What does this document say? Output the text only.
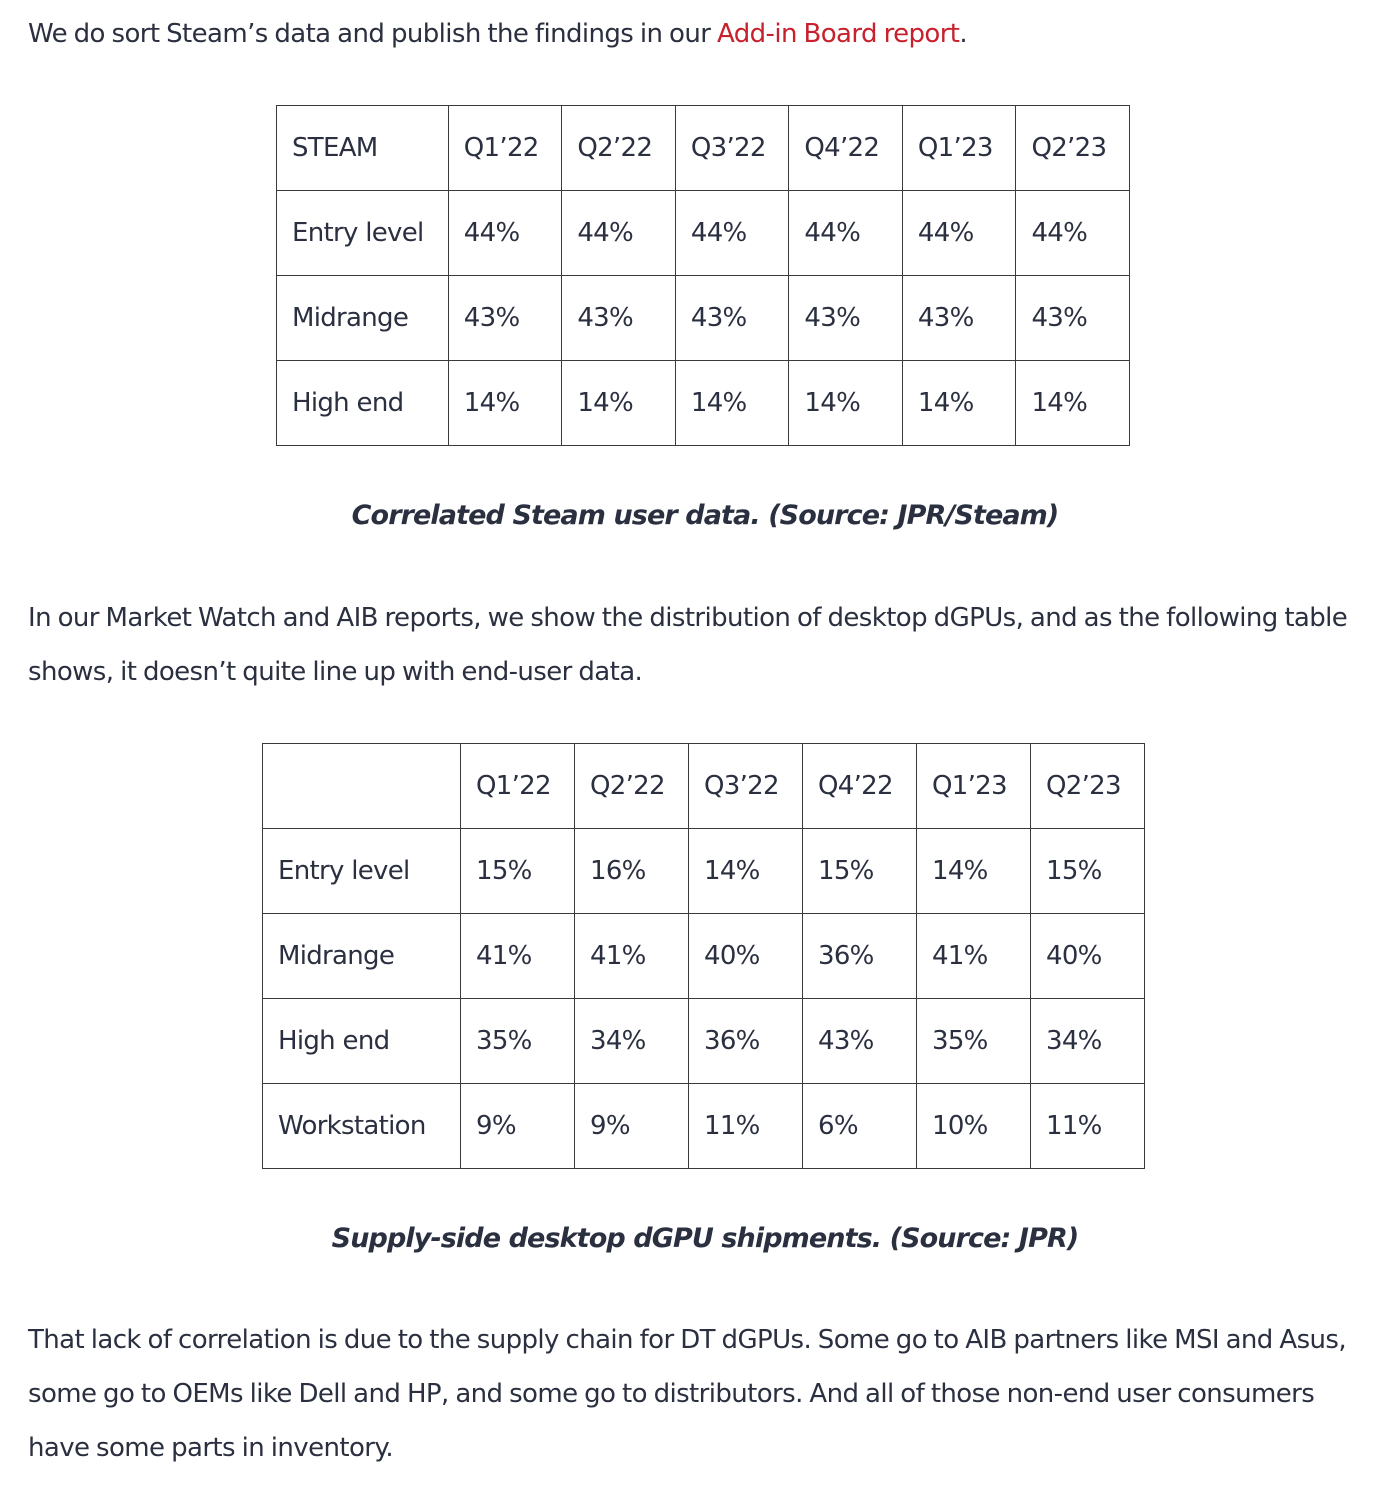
We do sort Steam’s data and publish the findings in our Add-in Board report.

STEAM	Q1’22	Q2’22	Q3’22	Q4’22	Q1’23	Q2’23
Entry level	44%	44%	44%	44%	44%	44%
Midrange	43%	43%	43%	43%	43%	43%
High end	14%	14%	14%	14%	14%	14%

Correlated Steam user data. (Source: JPR/Steam)

In our Market Watch and AIB reports, we show the distribution of desktop dGPUs, and as the following table shows, it doesn’t quite line up with end-user data.

	Q1’22	Q2’22	Q3’22	Q4’22	Q1’23	Q2’23
Entry level	15%	16%	14%	15%	14%	15%
Midrange	41%	41%	40%	36%	41%	40%
High end	35%	34%	36%	43%	35%	34%
Workstation	9%	9%	11%	6%	10%	11%

Supply-side desktop dGPU shipments. (Source: JPR)

That lack of correlation is due to the supply chain for DT dGPUs. Some go to AIB partners like MSI and Asus, some go to OEMs like Dell and HP, and some go to distributors. And all of those non-end user consumers have some parts in inventory.
